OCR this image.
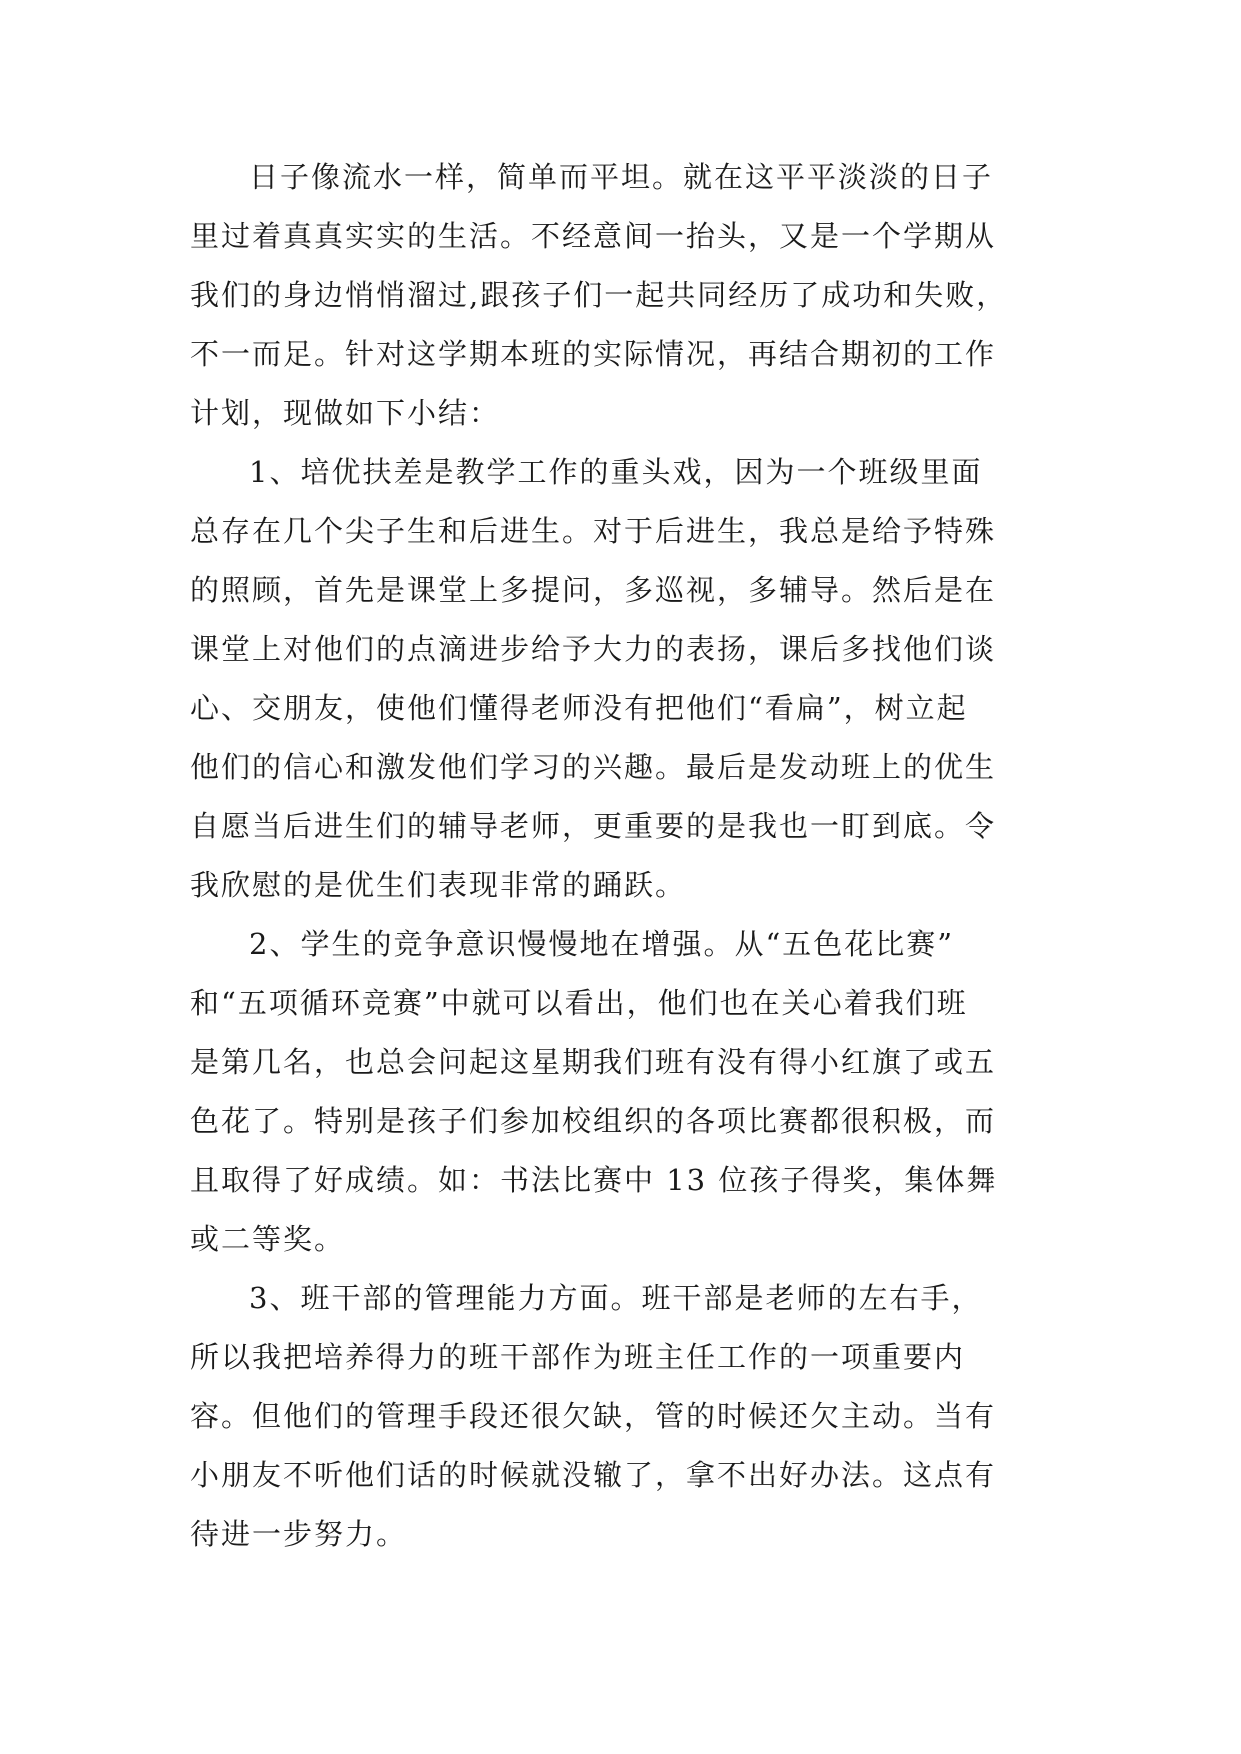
日子像流水一样，简单而平坦。就在这平平淡淡的日子
里过着真真实实的生活。不经意间一抬头，又是一个学期从
我们的身边悄悄溜过,跟孩子们一起共同经历了成功和失败，
不一而足。针对这学期本班的实际情况，再结合期初的工作
计划，现做如下小结：
1、培优扶差是教学工作的重头戏，因为一个班级里面
总存在几个尖子生和后进生。对于后进生，我总是给予特殊
的照顾，首先是课堂上多提问，多巡视，多辅导。然后是在
课堂上对他们的点滴进步给予大力的表扬，课后多找他们谈
心、交朋友，使他们懂得老师没有把他们“看扁”，树立起
他们的信心和激发他们学习的兴趣。最后是发动班上的优生
自愿当后进生们的辅导老师，更重要的是我也一盯到底。令
我欣慰的是优生们表现非常的踊跃。
2、学生的竞争意识慢慢地在增强。从“五色花比赛”
和“五项循环竞赛”中就可以看出，他们也在关心着我们班
是第几名，也总会问起这星期我们班有没有得小红旗了或五
色花了。特别是孩子们参加校组织的各项比赛都很积极，而
且取得了好成绩。如：书法比赛中 13 位孩子得奖，集体舞
或二等奖。
3、班干部的管理能力方面。班干部是老师的左右手，
所以我把培养得力的班干部作为班主任工作的一项重要内
容。但他们的管理手段还很欠缺，管的时候还欠主动。当有
小朋友不听他们话的时候就没辙了，拿不出好办法。这点有
待进一步努力。
